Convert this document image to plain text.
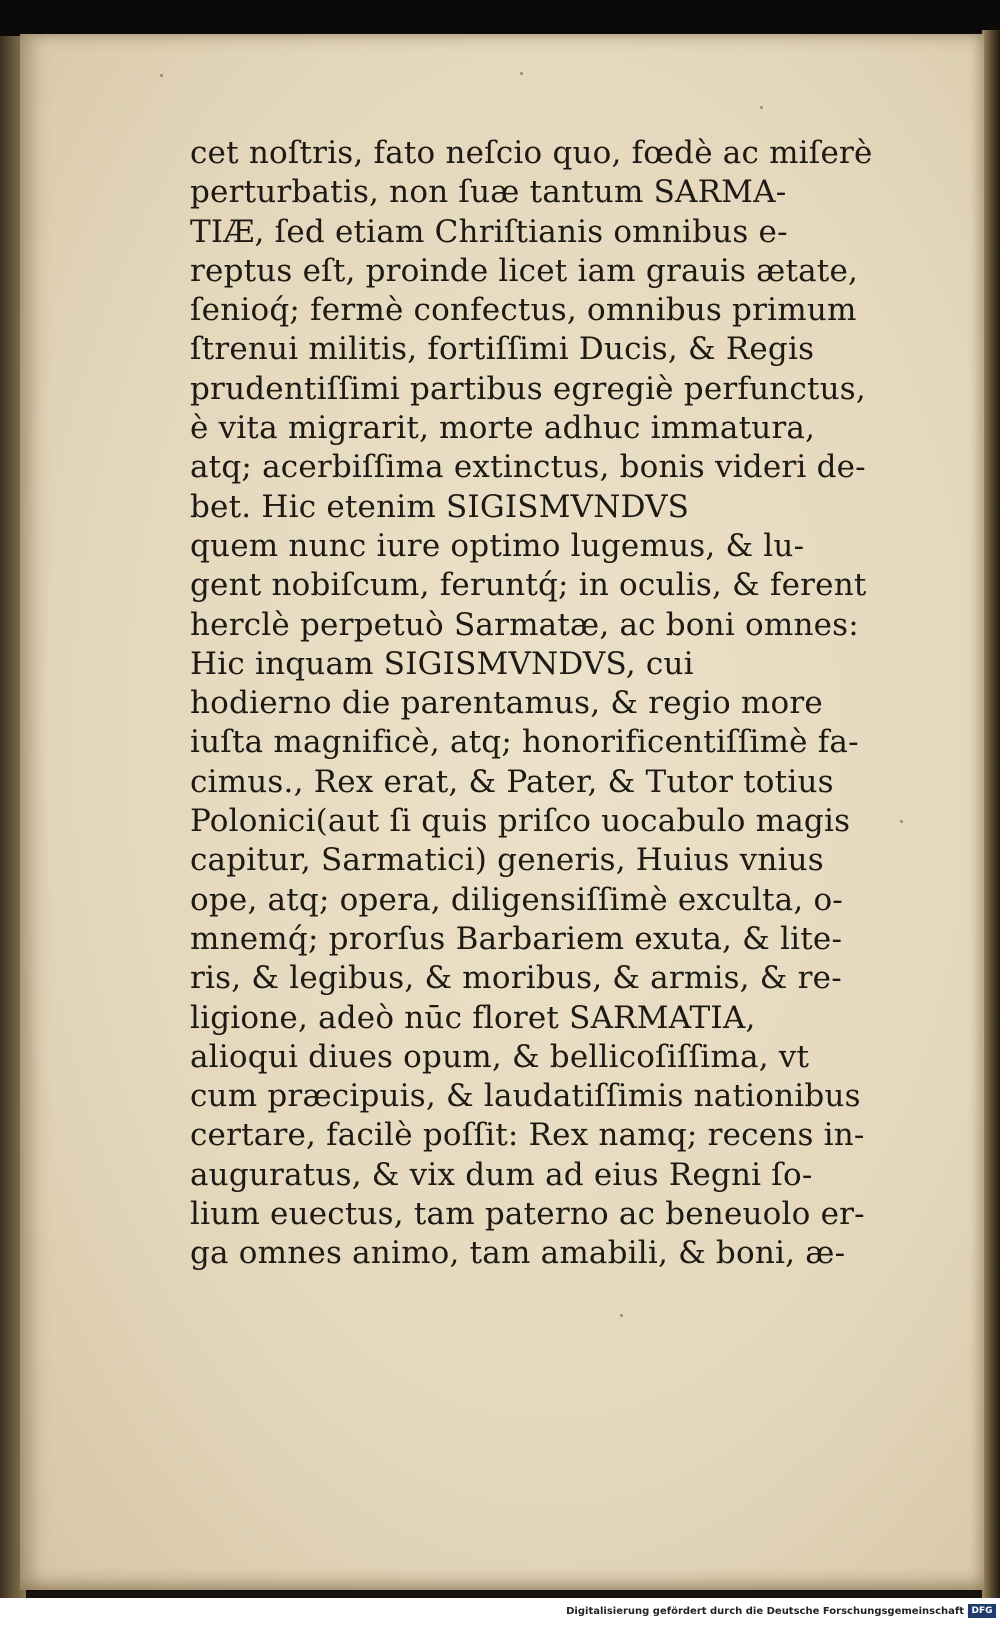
cet noſtris, fato neſcio quo, fœdè ac miſerè
perturbatis, non ſuæ tantum SARMA-
TIÆ, ſed etiam Chriſtianis omnibus e-
reptus eſt, proinde licet iam grauis ætate,
ſenioq́; fermè confectus, omnibus primum
ſtrenui militis, fortiſſimi Ducis, & Regis
prudentiſſimi partibus egregiè perfunctus,
è vita migrarit, morte adhuc immatura,
atq; acerbiſſima extinctus, bonis videri de-
bet. Hic etenim SIGISMVNDVS
quem nunc iure optimo lugemus, & lu-
gent nobiſcum, feruntq́; in oculis, & ferent
herclè perpetuò Sarmatæ, ac boni omnes:
Hic inquam SIGISMVNDVS, cui
hodierno die parentamus, & regio more
iuſta magnificè, atq; honorificentiſſimè fa-
cimus., Rex erat, & Pater, & Tutor totius
Polonici(aut ſi quis priſco uocabulo magis
capitur, Sarmatici) generis, Huius vnius
ope, atq; opera, diligensiſſimè exculta, o-
mnemq́; prorſus Barbariem exuta, & lite-
ris, & legibus, & moribus, & armis, & re-
ligione, adeò nūc floret SARMATIA,
alioqui diues opum, & bellicoſiſſima, vt
cum præcipuis, & laudatiſſimis nationibus
certare, facilè poſſit: Rex namq; recens in-
auguratus, & vix dum ad eius Regni ſo-
lium euectus, tam paterno ac beneuolo er-
ga omnes animo, tam amabili, & boni, æ-
Digitalisierung gefördert durch die Deutsche Forschungsgemeinschaft DFG
